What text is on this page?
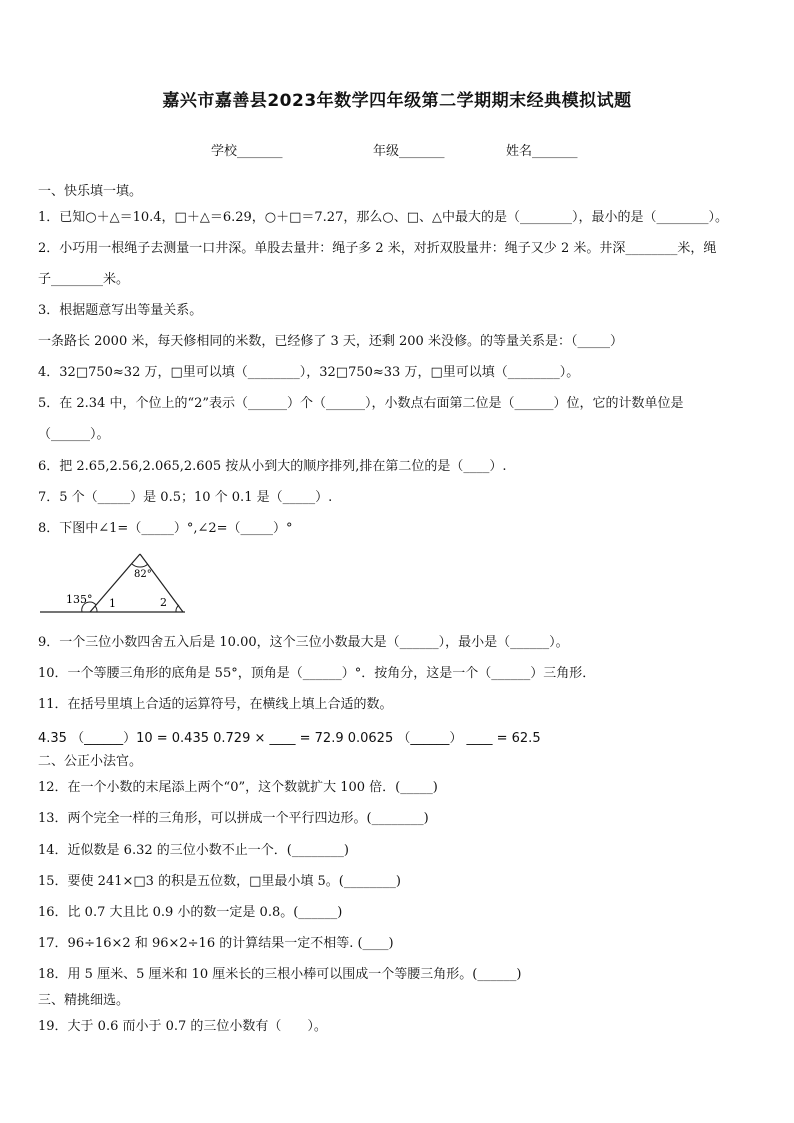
嘉兴市嘉善县2023年数学四年级第二学期期末经典模拟试题
学校_______	年级_______	姓名_______
一、快乐填一填。
1．已知○＋△＝10.4，□＋△＝6.29，○＋□＝7.27，那么○、□、△中最大的是（________），最小的是（________）。
2．小巧用一根绳子去测量一口井深。单股去量井：绳子多 2 米，对折双股量井：绳子又少 2 米。井深________米，绳
子________米。
3．根据题意写出等量关系。
一条路长 2000 米，每天修相同的米数，已经修了 3 天，还剩 200 米没修。的等量关系是：（_____）
4．32□750≈32 万，□里可以填（________），32□750≈33 万，□里可以填（________）。
5．在 2.34 中，个位上的“2”表示（______）个（______），小数点右面第二位是（______）位，它的计数单位是
（______）。
6．把 2.65,2.56,2.065,2.605 按从小到大的顺序排列,排在第二位的是（____）.
7．5 个（_____）是 0.5；10 个 0.1 是（_____）.
8．下图中∠1=（_____）°,∠2=（_____）°
135°
82°
1	2
9．一个三位小数四舍五入后是 10.00，这个三位小数最大是（______），最小是（______）。
10．一个等腰三角形的底角是 55°，顶角是（______）°．按角分，这是一个（______）三角形．
11．在括号里填上合适的运算符号，在横线上填上合适的数。
4.35 （______）10 = 0.435 0.729 × ____ = 72.9 0.0625 （______） ____ = 62.5
二、公正小法官。
12．在一个小数的末尾添上两个“0”，这个数就扩大 100 倍．(_____)
13．两个完全一样的三角形，可以拼成一个平行四边形。(________)
14．近似数是 6.32 的三位小数不止一个．(________)
15．要使 241×□3 的积是五位数，□里最小填 5。(________)
16．比 0.7 大且比 0.9 小的数一定是 0.8。(______)
17．96÷16×2 和 96×2÷16 的计算结果一定不相等. (____)
18．用 5 厘米、5 厘米和 10 厘米长的三根小棒可以围成一个等腰三角形。(______)
三、精挑细选。
19．大于 0.6 而小于 0.7 的三位小数有（　　）。
